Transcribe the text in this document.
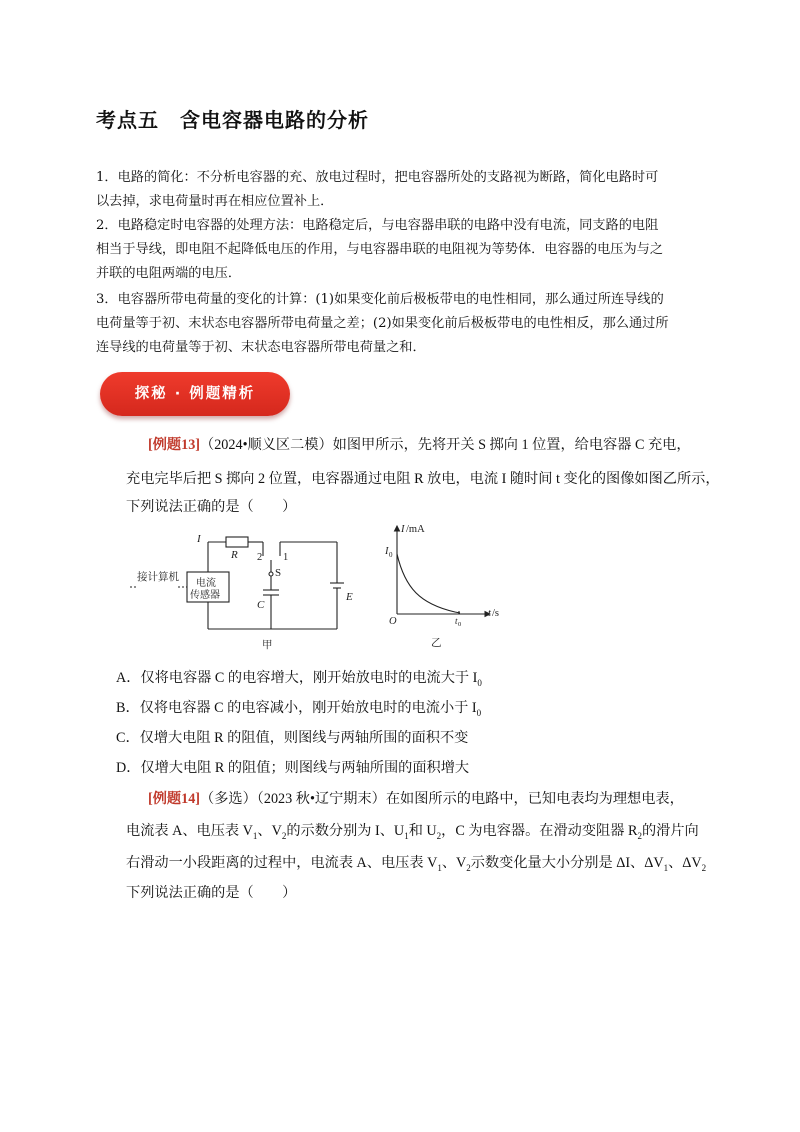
考点五　含电容器电路的分析
1．电路的简化：不分析电容器的充、放电过程时，把电容器所处的支路视为断路，简化电路时可
以去掉，求电荷量时再在相应位置补上．
2．电路稳定时电容器的处理方法：电路稳定后，与电容器串联的电路中没有电流，同支路的电阻
相当于导线，即电阻不起降低电压的作用，与电容器串联的电阻视为等势体．电容器的电压为与之
并联的电阻两端的电压．
3．电容器所带电荷量的变化的计算：(1)如果变化前后极板带电的电性相同，那么通过所连导线的
电荷量等于初、末状态电容器所带电荷量之差；(2)如果变化前后极板带电的电性相反，那么通过所
连导线的电荷量等于初、末状态电容器所带电荷量之和．
探秘 · 例题精析
[例题13]（2024•顺义区二模）如图甲所示，先将开关 S 掷向 1 位置，给电容器 C 充电，
充电完毕后把 S 掷向 2 位置，电容器通过电阻 R 放电，电流 I 随时间 t 变化的图像如图乙所示，
下列说法正确的是（　　）
I
R
S
C
E
2 1
接计算机
电流
传感器
甲
I /mA
I 0
O
t /s
t 0
乙
A．仅将电容器 C 的电容增大，刚开始放电时的电流大于 $I_0$
B．仅将电容器 C 的电容减小，刚开始放电时的电流小于 $I_0$
C．仅增大电阻 R 的阻值，则图线与两轴所围的面积不变
D．仅增大电阻 R 的阻值；则图线与两轴所围的面积增大
[例题14]（多选）（2023 秋•辽宁期末）在如图所示的电路中，已知电表均为理想电表，
电流表 A、电压表 $V_1$、$V_2$的示数分别为 I、$U_1$和 $U_2$，C 为电容器。在滑动变阻器 $R_2$的滑片向
右滑动一小段距离的过程中，电流表 A、电压表 $V_1$、$V_2$示数变化量大小分别是 ΔI、$\Delta V_1$、$\Delta V_2$
下列说法正确的是（　　）
